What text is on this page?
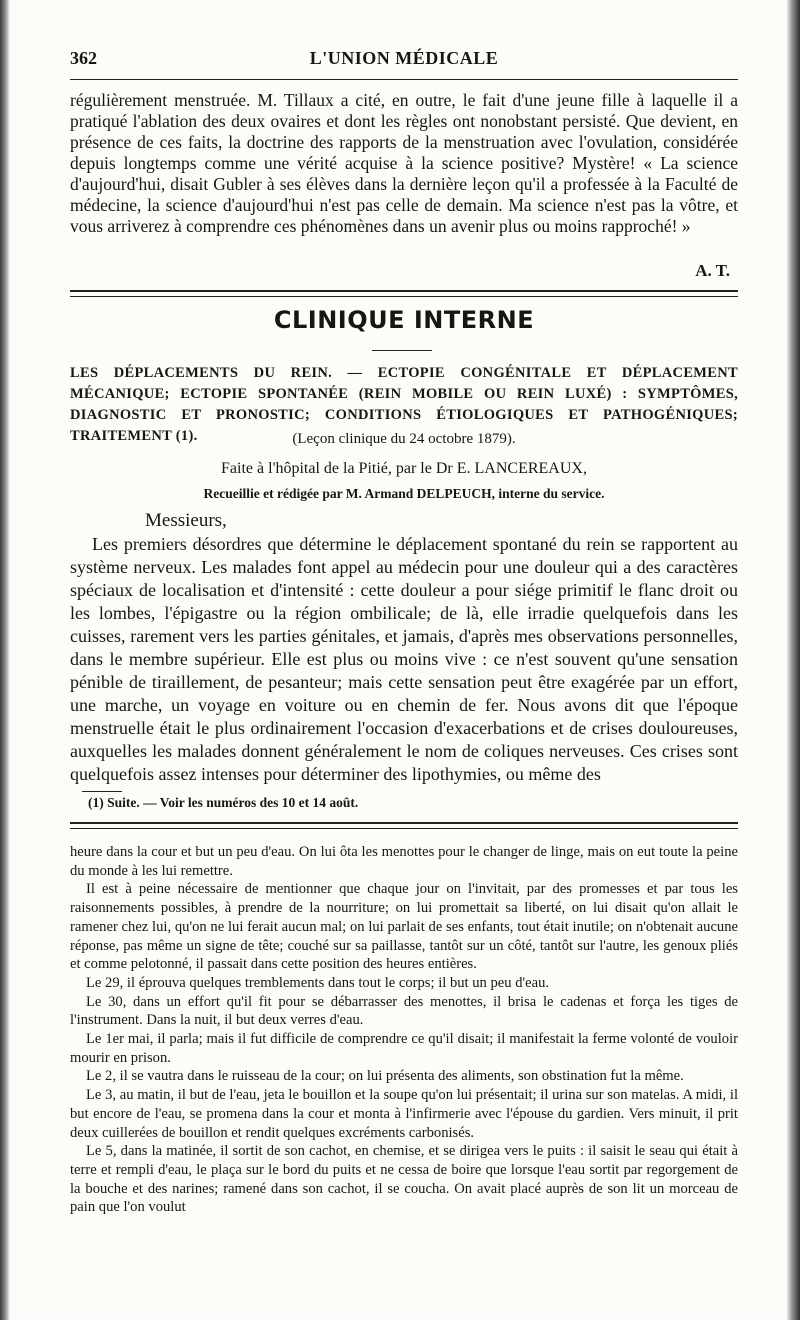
362	L'UNION MÉDICALE

régulièrement menstruée. M. Tillaux a cité, en outre, le fait d'une jeune fille à laquelle il a pratiqué l'ablation des deux ovaires et dont les règles ont nonobstant persisté. Que devient, en présence de ces faits, la doctrine des rapports de la menstruation avec l'ovulation, considérée depuis longtemps comme une vérité acquise à la science positive? Mystère! « La science d'aujourd'hui, disait Gubler à ses élèves dans la dernière leçon qu'il a professée à la Faculté de médecine, la science d'aujourd'hui n'est pas celle de demain. Ma science n'est pas la vôtre, et vous arriverez à comprendre ces phénomènes dans un avenir plus ou moins rapproché! »

A. T.
CLINIQUE INTERNE

LES DÉPLACEMENTS DU REIN. — ECTOPIE CONGÉNITALE ET DÉPLACEMENT MÉCANIQUE; ECTOPIE SPONTANÉE (REIN MOBILE OU REIN LUXÉ) : SYMPTÔMES, DIAGNOSTIC ET PRONOSTIC; CONDITIONS ÉTIOLOGIQUES ET PATHOGÉNIQUES; TRAITEMENT (1).	(Leçon clinique du 24 octobre 1879).
Faite à l'hôpital de la Pitié, par le Dr E. LANCEREAUX,
Recueillie et rédigée par M. Armand DELPEUCH, interne du service.
Messieurs,

Les premiers désordres que détermine le déplacement spontané du rein se rapportent au système nerveux. Les malades font appel au médecin pour une douleur qui a des caractères spéciaux de localisation et d'intensité : cette douleur a pour siége primitif le flanc droit ou les lombes, l'épigastre ou la région ombilicale; de là, elle irradie quelquefois dans les cuisses, rarement vers les parties génitales, et jamais, d'après mes observations personnelles, dans le membre supérieur. Elle est plus ou moins vive : ce n'est souvent qu'une sensation pénible de tiraillement, de pesanteur; mais cette sensation peut être exagérée par un effort, une marche, un voyage en voiture ou en chemin de fer. Nous avons dit que l'époque menstruelle était le plus ordinairement l'occasion d'exacerbations et de crises douloureuses, auxquelles les malades donnent généralement le nom de coliques nerveuses. Ces crises sont quelquefois assez intenses pour déterminer des lipothymies, ou même des

(1) Suite. — Voir les numéros des 10 et 14 août.

heure dans la cour et but un peu d'eau. On lui ôta les menottes pour le changer de linge, mais on eut toute la peine du monde à les lui remettre.

Il est à peine nécessaire de mentionner que chaque jour on l'invitait, par des promesses et par tous les raisonnements possibles, à prendre de la nourriture; on lui promettait sa liberté, on lui disait qu'on allait le ramener chez lui, qu'on ne lui ferait aucun mal; on lui parlait de ses enfants, tout était inutile; on n'obtenait aucune réponse, pas même un signe de tête; couché sur sa paillasse, tantôt sur un côté, tantôt sur l'autre, les genoux pliés et comme pelotonné, il passait dans cette position des heures entières.

Le 29, il éprouva quelques tremblements dans tout le corps; il but un peu d'eau.

Le 30, dans un effort qu'il fit pour se débarrasser des menottes, il brisa le cadenas et força les tiges de l'instrument. Dans la nuit, il but deux verres d'eau.

Le 1er mai, il parla; mais il fut difficile de comprendre ce qu'il disait; il manifestait la ferme volonté de vouloir mourir en prison.

Le 2, il se vautra dans le ruisseau de la cour; on lui présenta des aliments, son obstination fut la même.

Le 3, au matin, il but de l'eau, jeta le bouillon et la soupe qu'on lui présentait; il urina sur son matelas. A midi, il but encore de l'eau, se promena dans la cour et monta à l'infirmerie avec l'épouse du gardien. Vers minuit, il prit deux cuillerées de bouillon et rendit quelques excréments carbonisés.

Le 5, dans la matinée, il sortit de son cachot, en chemise, et se dirigea vers le puits : il saisit le seau qui était à terre et rempli d'eau, le plaça sur le bord du puits et ne cessa de boire que lorsque l'eau sortit par regorgement de la bouche et des narines; ramené dans son cachot, il se coucha. On avait placé auprès de son lit un morceau de pain que l'on voulut
